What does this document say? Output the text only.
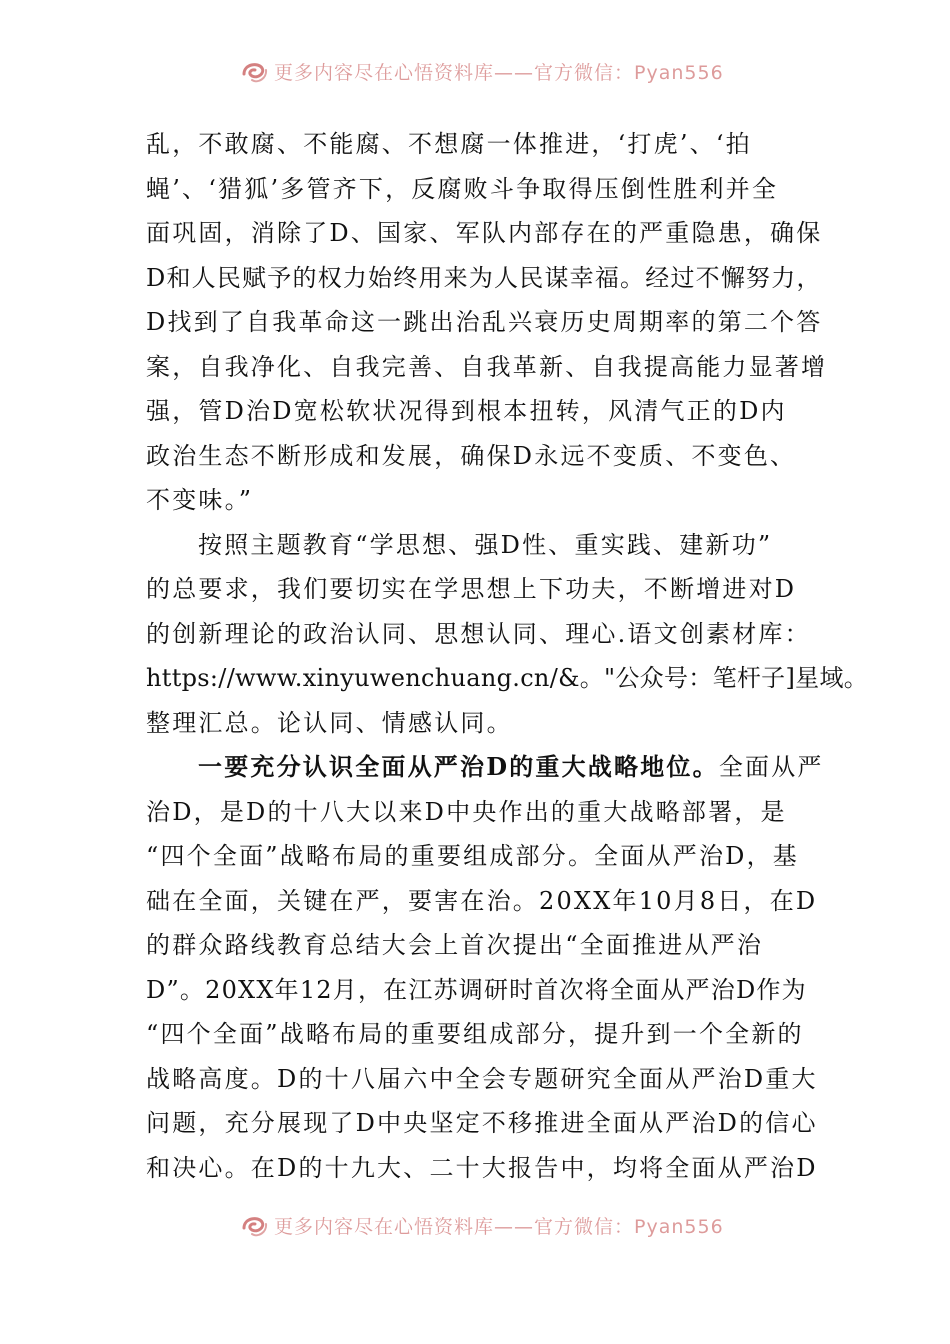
更多内容尽在心悟资料库——官方微信：Pyan556
乱，不敢腐、不能腐、不想腐一体推进，‘打虎’、‘拍
蝇’、‘猎狐’多管齐下，反腐败斗争取得压倒性胜利并全
面巩固，消除了D、国家、军队内部存在的严重隐患，确保
D和人民赋予的权力始终用来为人民谋幸福。经过不懈努力，
D找到了自我革命这一跳出治乱兴衰历史周期率的第二个答
案，自我净化、自我完善、自我革新、自我提高能力显著增
强，管D治D宽松软状况得到根本扭转，风清气正的D内
政治生态不断形成和发展，确保D永远不变质、不变色、
不变味。”
按照主题教育“学思想、强D性、重实践、建新功”
的总要求，我们要切实在学思想上下功夫，不断增进对D
的创新理论的政治认同、思想认同、理心.语文创素材库：
https://www.xinyuwenchuang.cn/&。"公众号：笔杆子]星域。
整理汇总。论认同、情感认同。
一要充分认识全面从严治D的重大战略地位。全面从严
治D，是D的十八大以来D中央作出的重大战略部署，是
“四个全面”战略布局的重要组成部分。全面从严治D，基
础在全面，关键在严，要害在治。20XX年10月8日，在D
的群众路线教育总结大会上首次提出“全面推进从严治
D”。20XX年12月，在江苏调研时首次将全面从严治D作为
“四个全面”战略布局的重要组成部分，提升到一个全新的
战略高度。D的十八届六中全会专题研究全面从严治D重大
问题，充分展现了D中央坚定不移推进全面从严治D的信心
和决心。在D的十九大、二十大报告中，均将全面从严治D
更多内容尽在心悟资料库——官方微信：Pyan556
